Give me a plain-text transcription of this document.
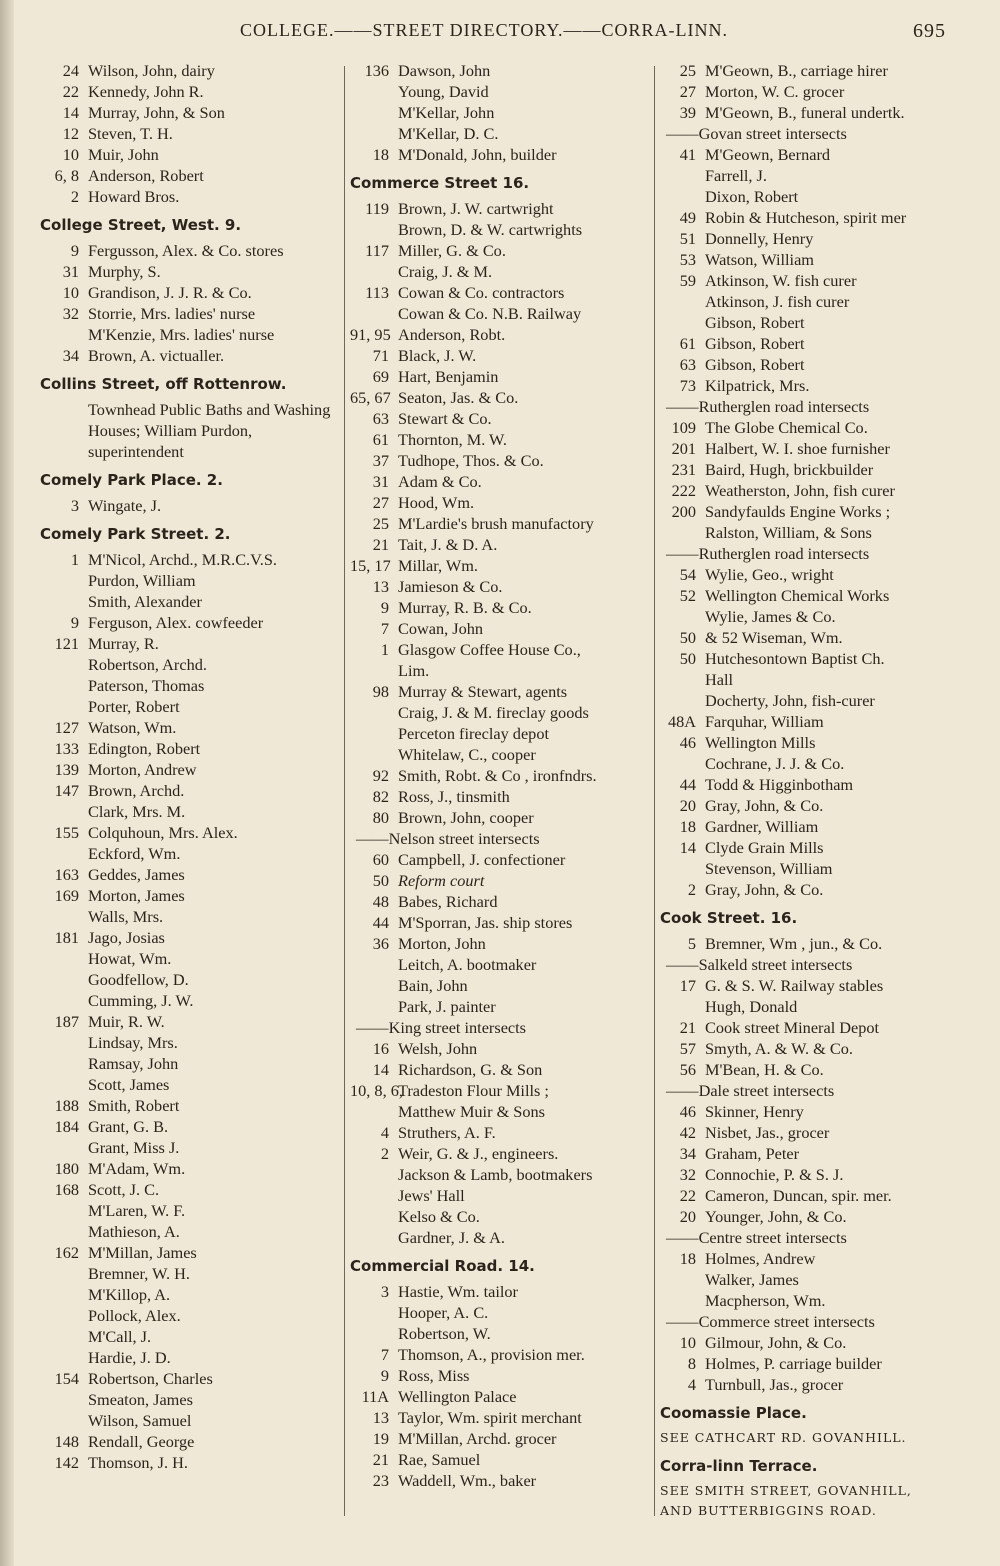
COLLEGE.——STREET DIRECTORY.——CORRA-LINN.	695
24 Wilson, John, dairy
22 Kennedy, John R.
14 Murray, John, & Son
12 Steven, T. H.
10 Muir, John
6, 8 Anderson, Robert
2 Howard Bros.
College Street, West. 9.
9 Fergusson, Alex. & Co. stores
31 Murphy, S.
10 Grandison, J. J. R. & Co.
32 Storrie, Mrs. ladies' nurse
M'Kenzie, Mrs. ladies' nurse
34 Brown, A. victualler.
Collins Street, off Rottenrow.
Townhead Public Baths and Washing Houses; William Purdon, superintendent
Comely Park Place. 2.
3 Wingate, J.
Comely Park Street. 2.
1 M'Nicol, Archd., M.R.C.V.S.
Purdon, William
Smith, Alexander
9 Ferguson, Alex. cowfeeder
121 Murray, R.
Robertson, Archd.
Paterson, Thomas
Porter, Robert
127 Watson, Wm.
133 Edington, Robert
139 Morton, Andrew
147 Brown, Archd.
Clark, Mrs. M.
155 Colquhoun, Mrs. Alex.
Eckford, Wm.
163 Geddes, James
169 Morton, James
Walls, Mrs.
181 Jago, Josias
Howat, Wm.
Goodfellow, D.
Cumming, J. W.
187 Muir, R. W.
Lindsay, Mrs.
Ramsay, John
Scott, James
188 Smith, Robert
184 Grant, G. B.
Grant, Miss J.
180 M'Adam, Wm.
168 Scott, J. C.
M'Laren, W. F.
Mathieson, A.
162 M'Millan, James
Bremner, W. H.
M'Killop, A.
Pollock, Alex.
M'Call, J.
Hardie, J. D.
154 Robertson, Charles
Smeaton, James
Wilson, Samuel
148 Rendall, George
142 Thomson, J. H.
136 Dawson, John
Young, David
M'Kellar, John
M'Kellar, D. C.
18 M'Donald, John, builder
Commerce Street 16.
119 Brown, J. W. cartwright
Brown, D. & W. cartwrights
117 Miller, G. & Co.
Craig, J. & M.
113 Cowan & Co. contractors
Cowan & Co. N.B. Railway
91, 95 Anderson, Robt.
71 Black, J. W.
69 Hart, Benjamin
65, 67 Seaton, Jas. & Co.
63 Stewart & Co.
61 Thornton, M. W.
37 Tudhope, Thos. & Co.
31 Adam & Co.
27 Hood, Wm.
25 M'Lardie's brush manufactory
21 Tait, J. & D. A.
15, 17 Millar, Wm.
13 Jamieson & Co.
9 Murray, R. B. & Co.
7 Cowan, John
1 Glasgow Coffee House Co.,
Lim.
98 Murray & Stewart, agents
Craig, J. & M. fireclay goods
Perceton fireclay depot
Whitelaw, C., cooper
92 Smith, Robt. & Co , ironfndrs.
82 Ross, J., tinsmith
80 Brown, John, cooper
——Nelson street intersects
60 Campbell, J. confectioner
50 Reform court
48 Babes, Richard
44 M'Sporran, Jas. ship stores
36 Morton, John
Leitch, A. bootmaker
Bain, John
Park, J. painter
——King street intersects
16 Welsh, John
14 Richardson, G. & Son
10, 8, 6,
Tradeston Flour Mills ;
Matthew Muir & Sons
4 Struthers, A. F.
2 Weir, G. & J., engineers.
Jackson & Lamb, bootmakers
Jews' Hall
Kelso & Co.
Gardner, J. & A.
Commercial Road. 14.
3 Hastie, Wm. tailor
Hooper, A. C.
Robertson, W.
7 Thomson, A., provision mer.
9 Ross, Miss
11A Wellington Palace
13 Taylor, Wm. spirit merchant
19 M'Millan, Archd. grocer
21 Rae, Samuel
23 Waddell, Wm., baker
25 M'Geown, B., carriage hirer
27 Morton, W. C. grocer
39 M'Geown, B., funeral undertk.
——Govan street intersects
41 M'Geown, Bernard
Farrell, J.
Dixon, Robert
49 Robin & Hutcheson, spirit mer
51 Donnelly, Henry
53 Watson, William
59 Atkinson, W. fish curer
Atkinson, J. fish curer
Gibson, Robert
61 Gibson, Robert
63 Gibson, Robert
73 Kilpatrick, Mrs.
——Rutherglen road intersects
109 The Globe Chemical Co.
201 Halbert, W. I. shoe furnisher
231 Baird, Hugh, brickbuilder
222 Weatherston, John, fish curer
200 Sandyfaulds Engine Works ;
Ralston, William, & Sons
——Rutherglen road intersects
54 Wylie, Geo., wright
52 Wellington Chemical Works
Wylie, James & Co.
50 & 52 Wiseman, Wm.
50 Hutchesontown Baptist Ch.
Hall
Docherty, John, fish-curer
48A Farquhar, William
46 Wellington Mills
Cochrane, J. J. & Co.
44 Todd & Higginbotham
20 Gray, John, & Co.
18 Gardner, William
14 Clyde Grain Mills
Stevenson, William
2 Gray, John, & Co.
Cook Street. 16.
5 Bremner, Wm , jun., & Co.
——Salkeld street intersects
17 G. & S. W. Railway stables
Hugh, Donald
21 Cook street Mineral Depot
57 Smyth, A. & W. & Co.
56 M'Bean, H. & Co.
——Dale street intersects
46 Skinner, Henry
42 Nisbet, Jas., grocer
34 Graham, Peter
32 Connochie, P. & S. J.
22 Cameron, Duncan, spir. mer.
20 Younger, John, & Co.
——Centre street intersects
18 Holmes, Andrew
Walker, James
Macpherson, Wm.
——Commerce street intersects
10 Gilmour, John, & Co.
8 Holmes, P. carriage builder
4 Turnbull, Jas., grocer
Coomassie Place.
SEE CATHCART RD. GOVANHILL.
Corra-linn Terrace.
SEE SMITH STREET, GOVANHILL,
AND BUTTERBIGGINS ROAD.
